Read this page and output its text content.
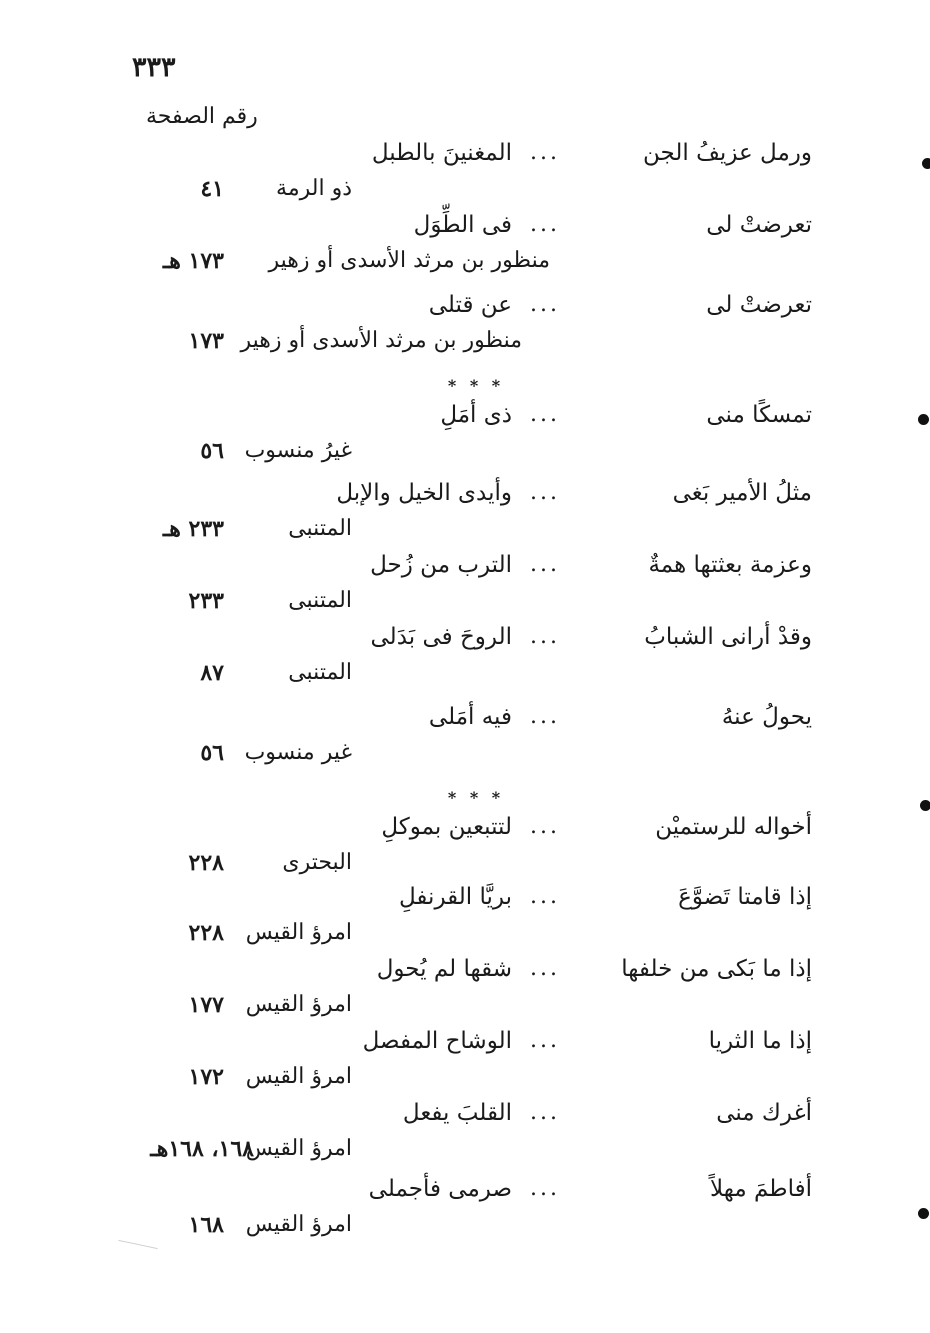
٣٣٣
رقم الصفحة
ورمل عزيفُ الجن
...
المغنينَ بالطبل
ذو الرمة
٤١
تعرضتْ لى
...
فى الطِّوَل
منظور بن مرثد الأسدى أو زهير
١٧٣ هـ
تعرضتْ لى
...
عن قتلى
منظور بن مرثد الأسدى أو زهير
١٧٣
* * *
تمسكًا منى
...
ذى أمَلِ
غيرُ منسوب
٥٦
مثلُ الأمير بَغى
...
وأيدى الخيل والإبل
المتنبى
٢٣٣ هـ
وعزمة بعثتها همةٌ
...
الترب من زُحل
المتنبى
٢٣٣
وقدْ أرانى الشبابُ
...
الروحَ فى بَدَلى
المتنبى
٨٧
يحولُ عنهُ
...
فيه أمَلى
غير منسوب
٥٦
* * *
أخواله للرستميْن
...
لتتبعين بموكلِ
البحترى
٢٢٨
إذا قامتا تَضوَّعَ
...
بريَّا القرنفلِ
امرؤ القيس
٢٢٨
إذا ما بَكى من خلفها
...
شقها لم يُحول
امرؤ القيس
١٧٧
إذا ما الثريا
...
الوشاح المفصل
امرؤ القيس
١٧٢
أغرك منى
...
القلبَ يفعل
امرؤ القيس
١٦٨، ١٦٨هـ
أفاطمَ مهلاً
...
صرمى فأجملى
امرؤ القيس
١٦٨
